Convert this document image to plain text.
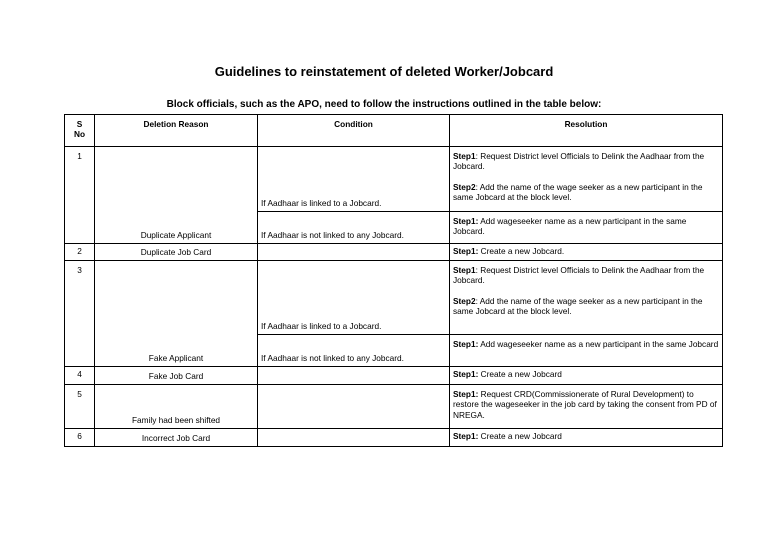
Guidelines to reinstatement of deleted Worker/Jobcard
Block officials, such as the APO, need to follow the instructions outlined in the table below:
S
No	Deletion Reason	Condition	Resolution
1	Duplicate Applicant	If Aadhaar is linked to a Jobcard.	Step1: Request District level Officials to Delink the Aadhaar from the Jobcard.
Step2: Add the name of the wage seeker as a new participant in the same Jobcard at the block level.

		If Aadhaar is not linked to any Jobcard.	Step1: Add wageseeker name as a new participant in the same Jobcard.
2	Duplicate Job Card		Step1: Create a new Jobcard.
3	Fake Applicant	If Aadhaar is linked to a Jobcard.	Step1: Request District level Officials to Delink the Aadhaar from the Jobcard.
Step2: Add the name of the wage seeker as a new participant in the same Jobcard at the block level.

		If Aadhaar is not linked to any Jobcard.	Step1: Add wageseeker name as a new participant in the same Jobcard
4	Fake Job Card		Step1: Create a new Jobcard
5	Family had been shifted		Step1: Request CRD(Commissionerate of Rural Development) to restore the wageseeker in the job card by taking the consent from PD of NREGA.
6	Incorrect Job Card		Step1: Create a new Jobcard
